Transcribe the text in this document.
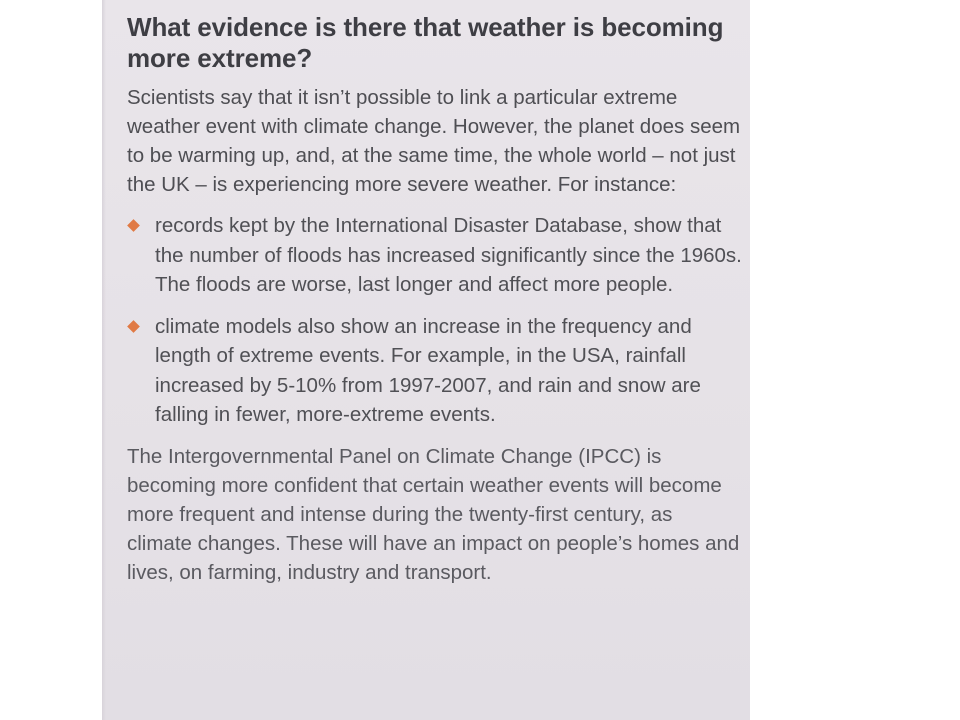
What evidence is there that weather is becoming more extreme?

Scientists say that it isn’t possible to link a particular extreme weather event with climate change. However, the planet does seem to be warming up, and, at the same time, the whole world – not just the UK – is experiencing more severe weather. For instance:

records kept by the International Disaster Database, show that the number of floods has increased significantly since the 1960s. The floods are worse, last longer and affect more people.
climate models also show an increase in the frequency and length of extreme events. For example, in the USA, rainfall increased by 5-10% from 1997-2007, and rain and snow are falling in fewer, more-extreme events.

The Intergovernmental Panel on Climate Change (IPCC) is becoming more confident that certain weather events will become more frequent and intense during the twenty-first century, as climate changes. These will have an impact on people’s homes and lives, on farming, industry and transport.
